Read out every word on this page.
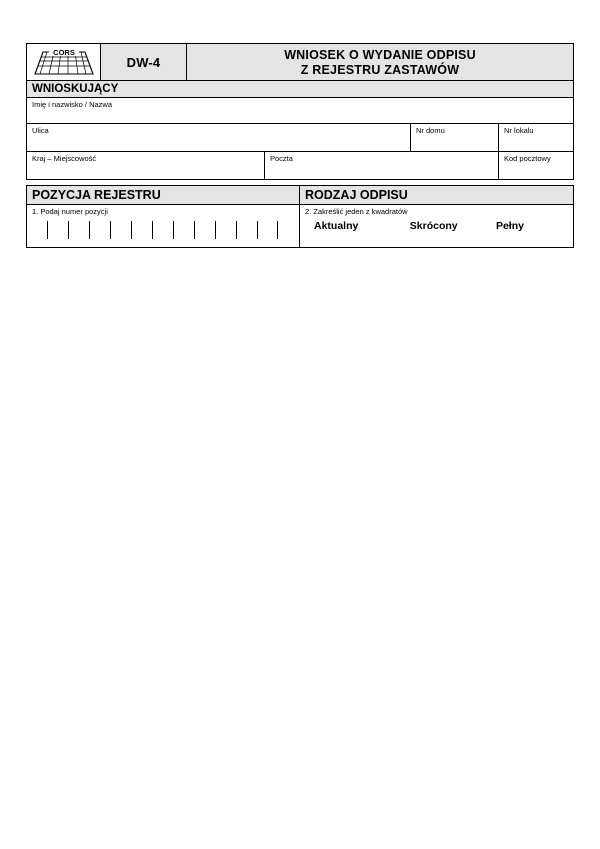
CORS
DW-4	WNIOSEK O WYDANIE ODPISU
Z REJESTRU ZASTAWÓW
WNIOSKUJĄCY
Imię i nazwisko / Nazwa
Ulica	Nr domu	Nr lokalu
Kraj – Miejscowość	Poczta	Kod pocztowy
POZYCJA REJESTRU
1. Podaj numer pozycji
RODZAJ ODPISU
2. Zakreślić jeden z kwadratów
Aktualny	Skrócony	Pełny
